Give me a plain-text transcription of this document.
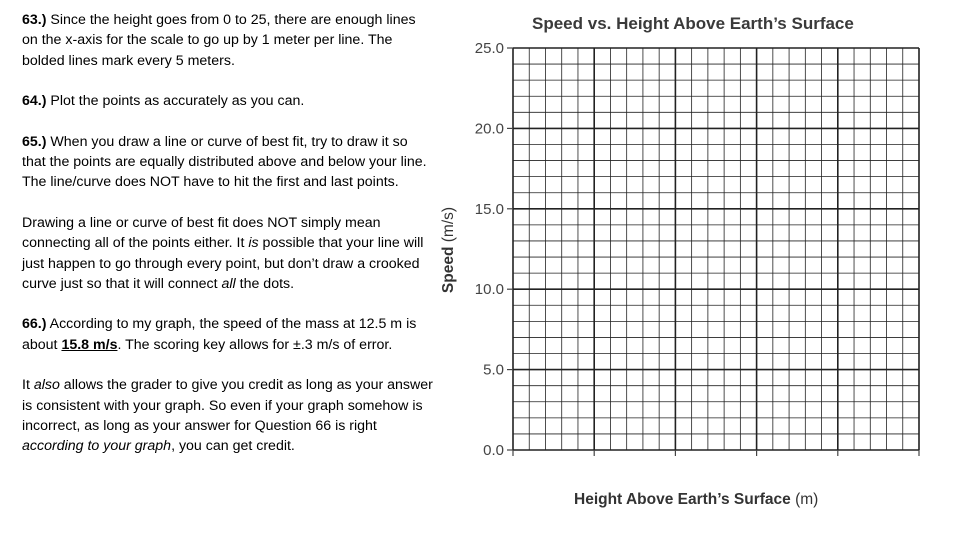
63.) Since the height goes from 0 to 25, there are enough lines on the x-axis for the scale to go up by 1 meter per line. The bolded lines mark every 5 meters.

64.) Plot the points as accurately as you can.

65.) When you draw a line or curve of best fit, try to draw it so that the points are equally distributed above and below your line. The line/curve does NOT have to hit the first and last points.

Drawing a line or curve of best fit does NOT simply mean connecting all of the points either. It is possible that your line will just happen to go through every point, but don’t draw a crooked curve just so that it will connect all the dots.

66.) According to my graph, the speed of the mass at 12.5 m is about 15.8 m/s. The scoring key allows for ±.3 m/s of error.

It also allows the grader to give you credit as long as your answer is consistent with your graph. So even if your graph somehow is incorrect, as long as your answer for Question 66 is right according to your graph, you can get credit.

Speed vs. Height Above Earth’s Surface
Speed (m/s)
Height Above Earth’s Surface (m)
25.0
20.0
15.0
10.0
5.0
0.0
